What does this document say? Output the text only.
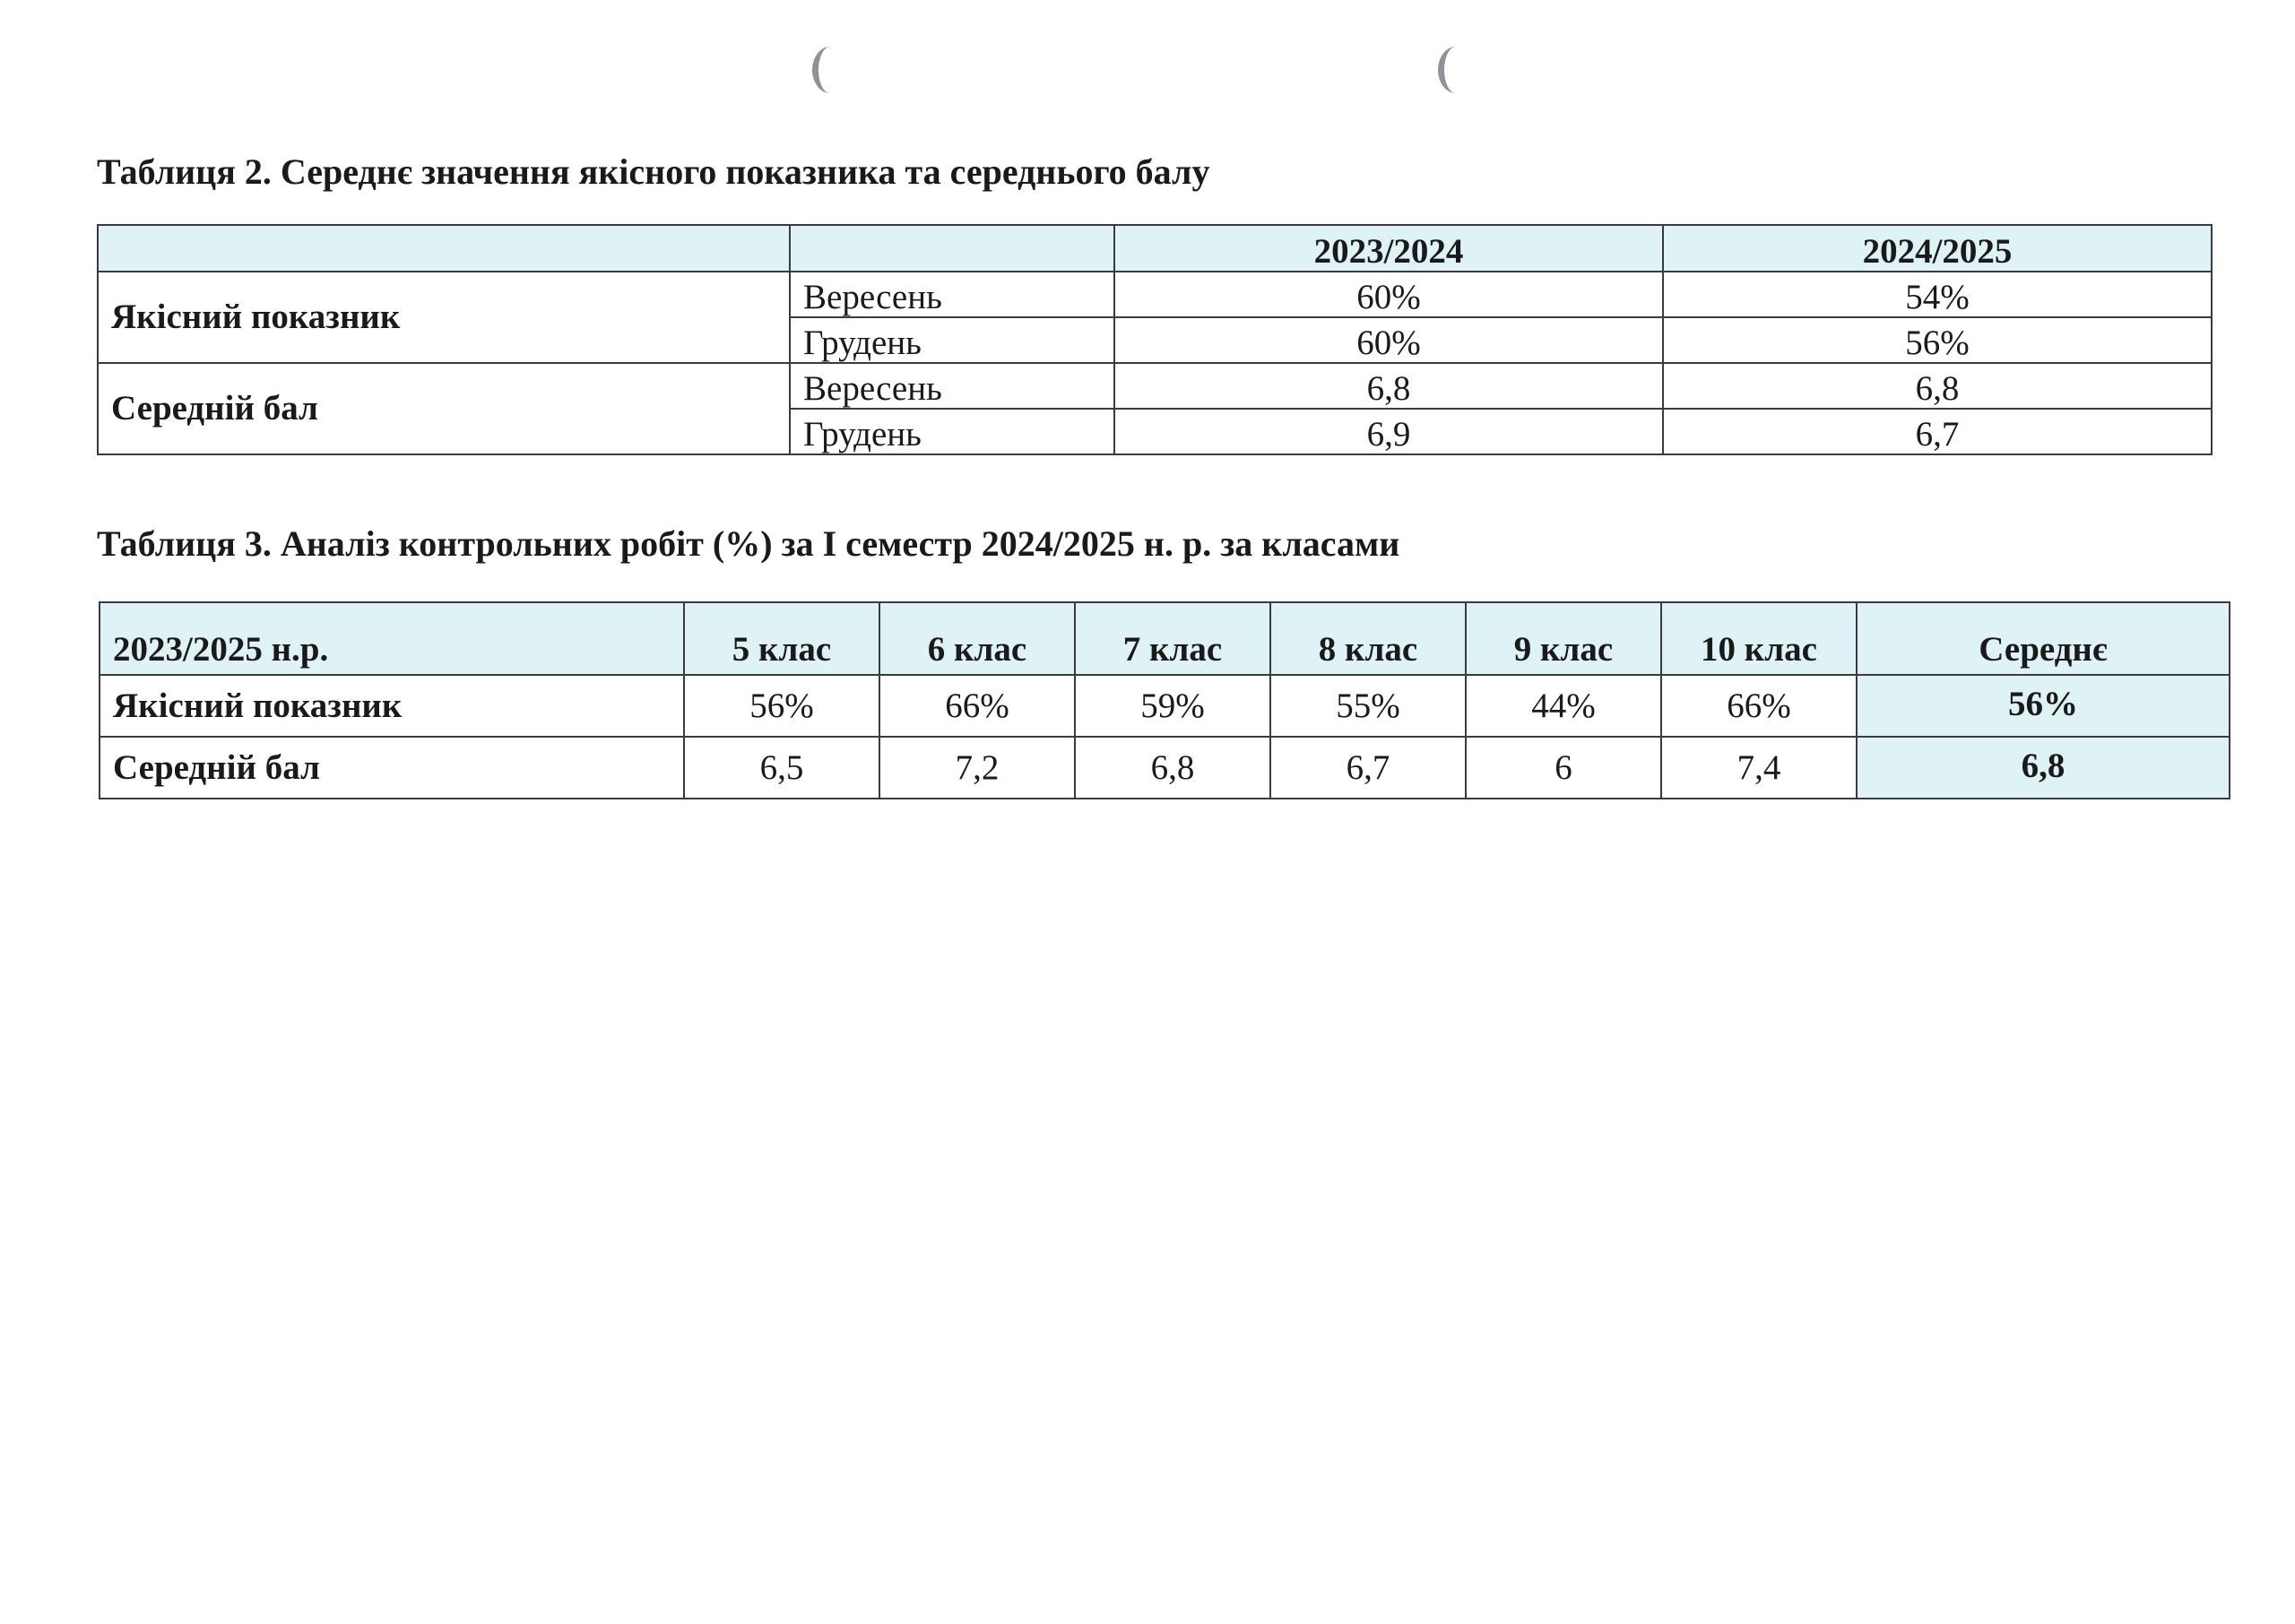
Таблиця 2. Середнє значення якісного показника та середнього балу

		2023/2024	2024/2025
Якісний показник	Вересень	60%	54%
	Грудень	60%	56%
Середній бал	Вересень	6,8	6,8
	Грудень	6,9	6,7

Таблиця 3. Аналіз контрольних робіт (%) за І семестр 2024/2025 н. р. за класами

2023/2025 н.р.	5 клас	6 клас	7 клас	8 клас	9 клас	10 клас	Середнє
Якісний показник	56%	66%	59%	55%	44%	66%	56%
Середній бал	6,5	7,2	6,8	6,7	6	7,4	6,8
